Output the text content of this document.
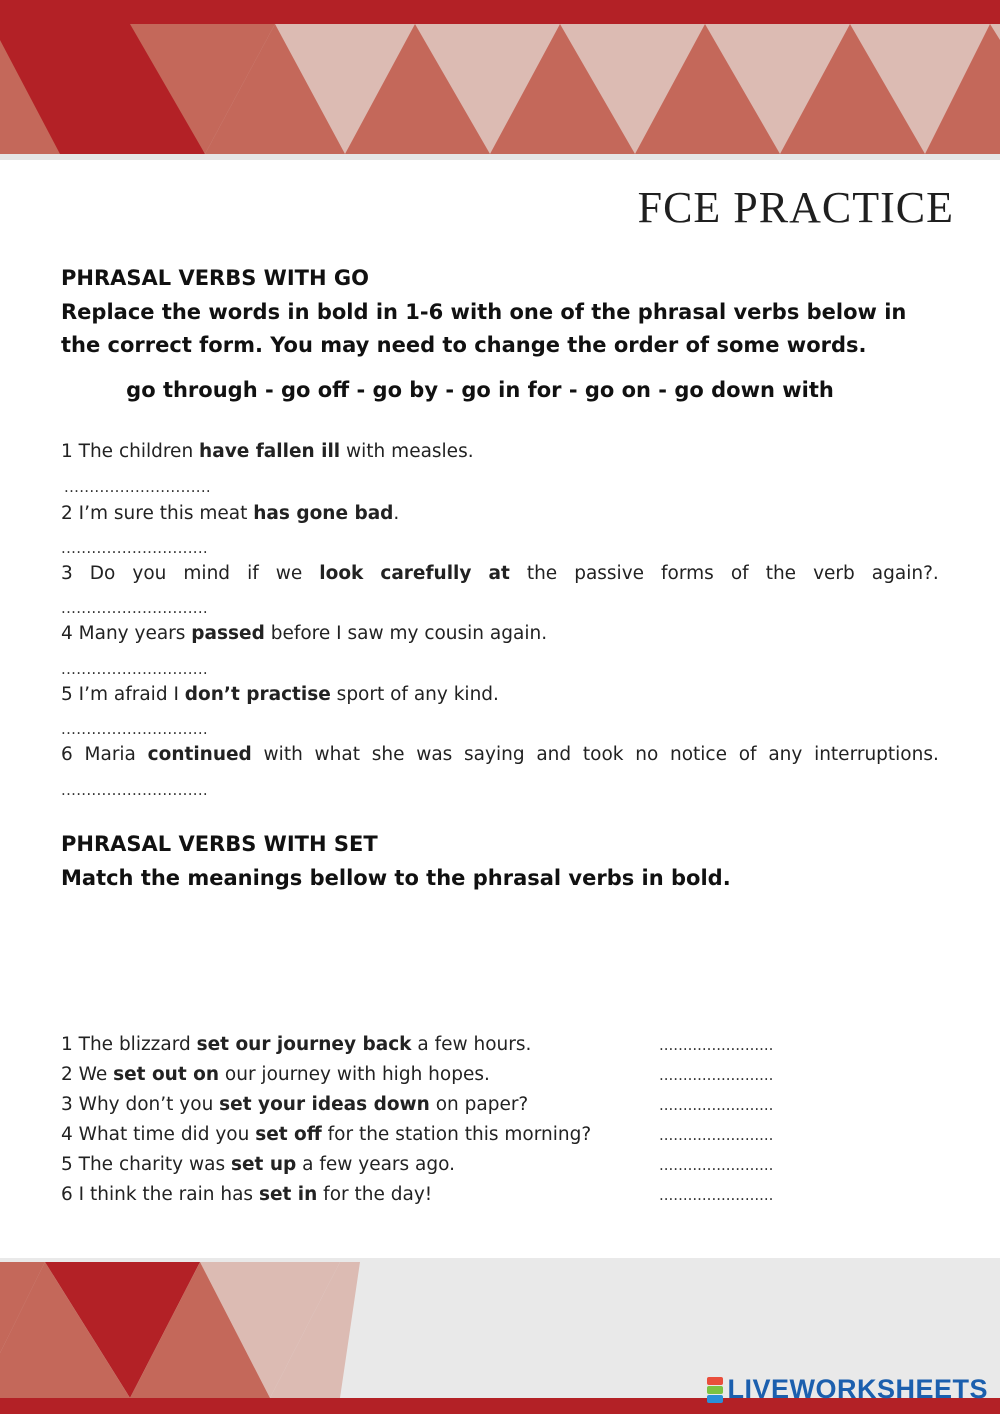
FCE PRACTICE
PHRASAL VERBS WITH GO

Replace the words in bold in 1-6 with one of the phrasal verbs below in the correct form. You may need to change the order of some words.

go through - go off - go by - go in for - go on - go down with
1 The children have fallen ill with measles.
.............................
2 I’m sure this meat has gone bad.
.............................
3 Do you mind if we look carefully at the passive forms of the verb again?.
.............................
4 Many years passed before I saw my cousin again.
.............................
5 I’m afraid I don’t practise sport of any kind.
.............................
6 Maria continued with what she was saying and took no notice of any interruptions.
.............................
PHRASAL VERBS WITH SET

Match the meanings bellow to the phrasal verbs in bold.

1 The blizzard set our journey back a few hours.	........................
2 We set out on our journey with high hopes.	........................
3 Why don’t you set your ideas down on paper?	........................
4 What time did you set off for the station this morning?	........................
5 The charity was set up a few years ago.	........................
6 I think the rain has set in for the day!	........................
LIVEWORKSHEETS
